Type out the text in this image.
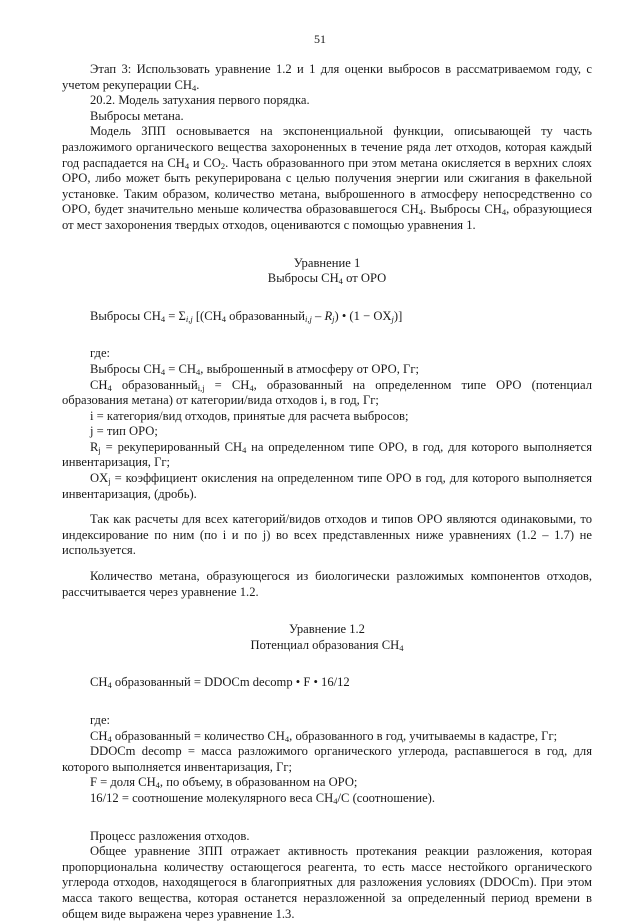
51

Этап 3: Использовать уравнение 1.2 и 1 для оценки выбросов в рассматриваемом году, с учетом рекуперации $CH_4$.

20.2. Модель затухания первого порядка.

Выбросы метана.

Модель ЗПП основывается на экспоненциальной функции, описывающей ту часть разложимого органического вещества захороненных в течение ряда лет отходов, которая каждый год распадается на $CH_4$ и $CO_2$. Часть образованного при этом метана окисляется в верхних слоях ОРО, либо может быть рекуперирована с целью получения энергии или сжигания в факельной установке. Таким образом, количество метана, выброшенного в атмосферу непосредственно со ОРО, будет значительно меньше количества образовавшегося $CH_4$. Выбросы $CH_4$, образующиеся от мест захоронения твердых отходов, оцениваются с помощью уравнения 1.

Уравнение 1

Выбросы $CH_4$ от ОРО

Выбросы $CH_4 = \Sigma_{i,j}$ [($CH_4$ образованный$_{i,j}$ – $R_j$) • $(1 - OX_j)$]

где:

Выбросы $CH_4 = CH_4$, выброшенный в атмосферу от ОРО, Гг;

$CH_4$ образованный$_{i,j}$ = $CH_4$, образованный на определенном типе ОРО (потенциал образования метана) от категории/вида отходов i, в год, Гг;

i = категория/вид отходов, принятые для расчета выбросов;

j = тип ОРО;

$R_j$ = рекуперированный $CH_4$ на определенном типе ОРО, в год, для которого выполняется инвентаризация, Гг;

$OX_j$ = коэффициент окисления на определенном типе ОРО в год, для которого выполняется инвентаризация, (дробь).

Так как расчеты для всех категорий/видов отходов и типов ОРО являются одинаковыми, то индексирование по ним (по i и по j) во всех представленных ниже уравнениях (1.2 – 1.7) не используется.

Количество метана, образующегося из биологически разложимых компонентов отходов, рассчитывается через уравнение 1.2.

Уравнение 1.2

Потенциал образования $CH_4$

$CH_4$ образованный = DDOCm decomp • F • 16/12

где:

$CH_4$ образованный = количество $CH_4$, образованного в год, учитываемы в кадастре, Гг;

DDOCm decomp = масса разложимого органического углерода, распавшегося в год, для которого выполняется инвентаризация, Гг;

F = доля $CH_4$, по объему, в образованном на ОРО;

16/12 = соотношение молекулярного веса $CH_4/C$ (соотношение).

Процесс разложения отходов.

Общее уравнение ЗПП отражает активность протекания реакции разложения, которая пропорциональна количеству остающегося реагента, то есть массе нестойкого органического углерода отходов, находящегося в благоприятных для разложения условиях (DDOCm). При этом масса такого вещества, которая останется неразложенной за определенный период времени в общем виде выражена через уравнение 1.3.
